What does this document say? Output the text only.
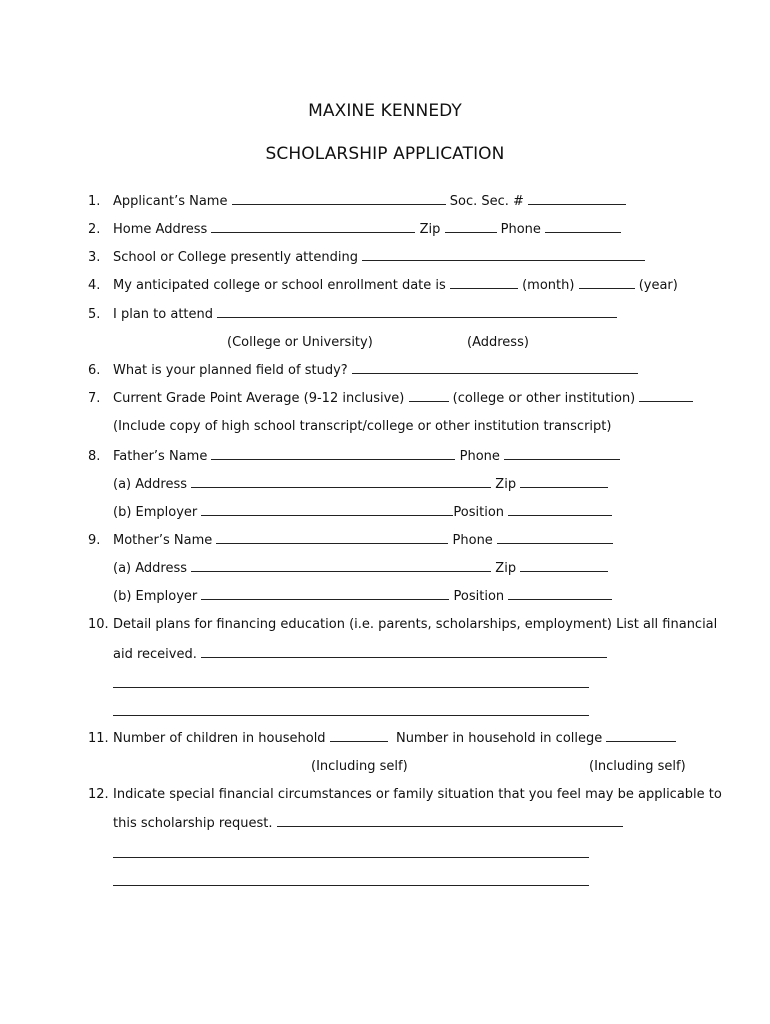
MAXINE KENNEDY
SCHOLARSHIP APPLICATION
1. Applicant’s Name	Soc. Sec. #
2. Home Address	Zip	Phone
3. School or College presently attending
4. My anticipated college or school enrollment date is	(month)	(year)
5. I plan to attend
(College or University)	(Address)
6. What is your planned field of study?
7. Current Grade Point Average (9-12 inclusive)	(college or other institution)
(Include copy of high school transcript/college or other institution transcript)
8. Father’s Name	Phone
(a) Address	Zip
(b) Employer	Position
9. Mother’s Name	Phone
(a) Address	Zip
(b) Employer	Position
10. Detail plans for financing education (i.e. parents, scholarships, employment) List all financial
aid received.
11. Number of children in household	Number in household in college
(Including self)	(Including self)
12. Indicate special financial circumstances or family situation that you feel may be applicable to
this scholarship request.
